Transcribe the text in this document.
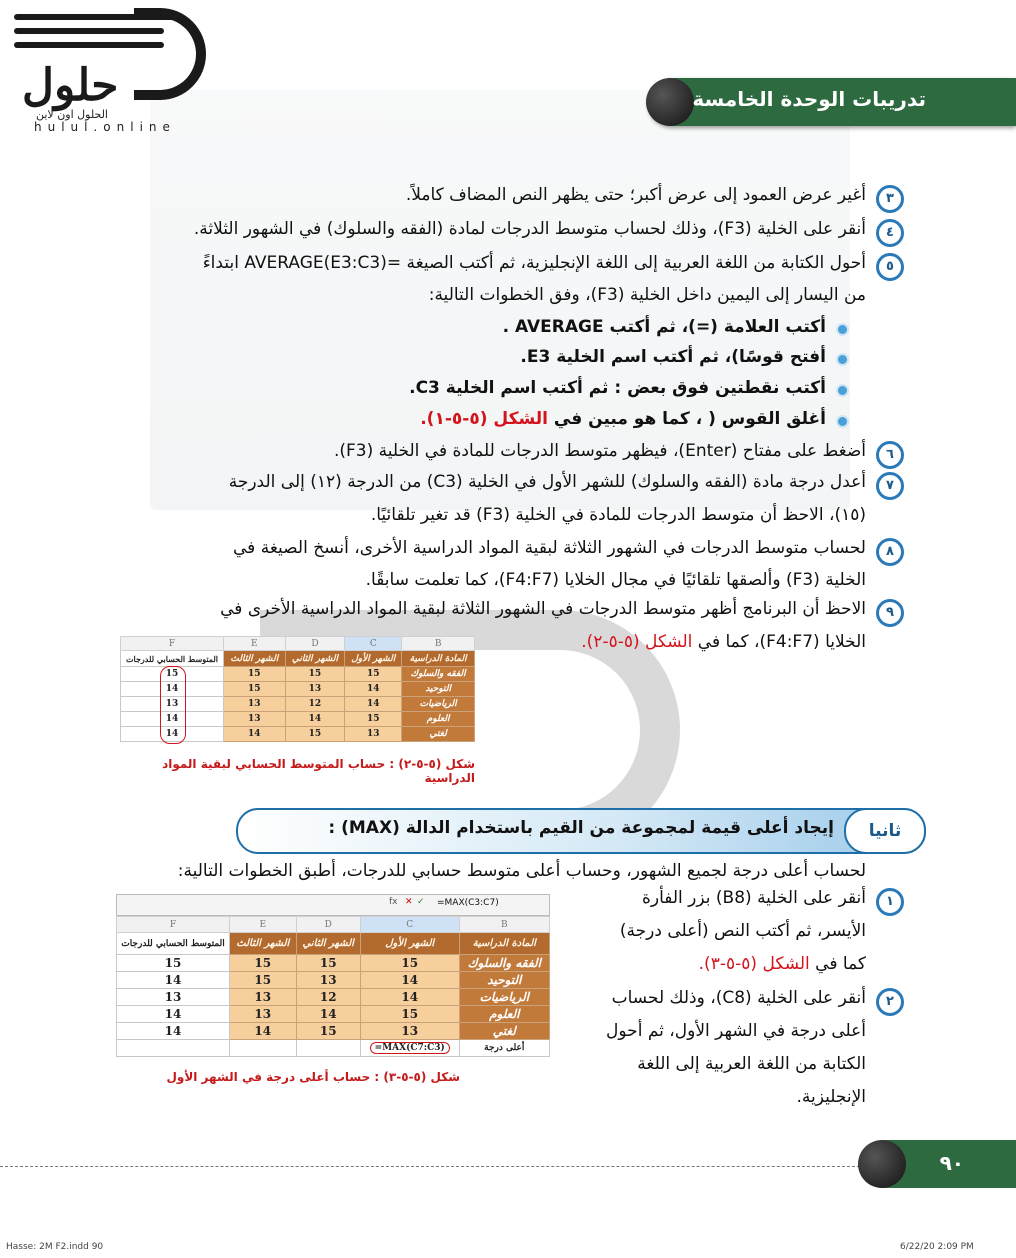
حلول
الحلول اون لاين
hulul.online
تدريبات الوحدة الخامسة
٣
أغير عرض العمود إلى عرض أكبر؛ حتى يظهر النص المضاف كاملاً.
٤
أنقر على الخلية (F3)، وذلك لحساب متوسط الدرجات لمادة (الفقه والسلوك) في الشهور الثلاثة.
٥
أحول الكتابة من اللغة العربية إلى اللغة الإنجليزية، ثم أكتب الصيغة =AVERAGE(E3:C3) ابتداءً
من اليسار إلى اليمين داخل الخلية (F3)، وفق الخطوات التالية:
أكتب العلامة (=)، ثم أكتب AVERAGE .
أفتح قوسًا)، ثم أكتب اسم الخلية E3.
أكتب نقطتين فوق بعض : ثم أكتب اسم الخلية C3.
أغلق القوس ( ، كما هو مبين في الشكل (٥-٥-١).
٦
أضغط على مفتاح (Enter)، فيظهر متوسط الدرجات للمادة في الخلية (F3).
٧
أعدل درجة مادة (الفقه والسلوك) للشهر الأول في الخلية (C3) من الدرجة (١٢) إلى الدرجة
(١٥)، الاحظ أن متوسط الدرجات للمادة في الخلية (F3) قد تغير تلقائيًا.
٨
لحساب متوسط الدرجات في الشهور الثلاثة لبقية المواد الدراسية الأخرى، أنسخ الصيغة في
الخلية (F3) وألصقها تلقائيًا في مجال الخلايا (F4:F7)، كما تعلمت سابقًا.
٩
الاحظ أن البرنامج أظهر متوسط الدرجات في الشهور الثلاثة لبقية المواد الدراسية الأخرى في
الخلايا (F4:F7)، كما في الشكل (٥-٥-٢).
F	E	D	C	B
المتوسط الحسابي للدرجات	الشهر الثالث	الشهر الثاني	الشهر الأول	المادة الدراسية
15	15	15	15	الفقه والسلوك
14	15	13	14	التوحيد
13	13	12	14	الرياضيات
14	13	14	15	العلوم
14	14	15	13	لغتي
شكل (٥-٥-٢) : حساب المتوسط الحسابي لبقية المواد الدراسية
ثانيا
إيجاد أعلى قيمة لمجموعة من القيم باستخدام الدالة (MAX) :
لحساب أعلى درجة لجميع الشهور، وحساب أعلى متوسط حسابي للدرجات، أطبق الخطوات التالية:
١
أنقر على الخلية (B8) بزر الفأرة
الأيسر، ثم أكتب النص (أعلى درجة)
كما في الشكل (٥-٥-٣).
٢
أنقر على الخلية (C8)، وذلك لحساب
أعلى درجة في الشهر الأول، ثم أحول
الكتابة من اللغة العربية إلى اللغة
الإنجليزية.
=MAX(C3:C7)
✕ ✓
fx
F	E	D	C	B
المتوسط الحسابي للدرجات	الشهر الثالث	الشهر الثاني	الشهر الأول	المادة الدراسية
15	15	15	15	الفقه والسلوك
14	15	13	14	التوحيد
13	13	12	14	الرياضيات
14	13	14	15	العلوم
14	14	15	13	لغتي
			=MAX(C7:C3)	أعلى درجة
شكل (٥-٥-٣) : حساب أعلى درجة في الشهر الأول
٩٠
Hasse: 2M F2.indd 90	6/22/20 2:09 PM
